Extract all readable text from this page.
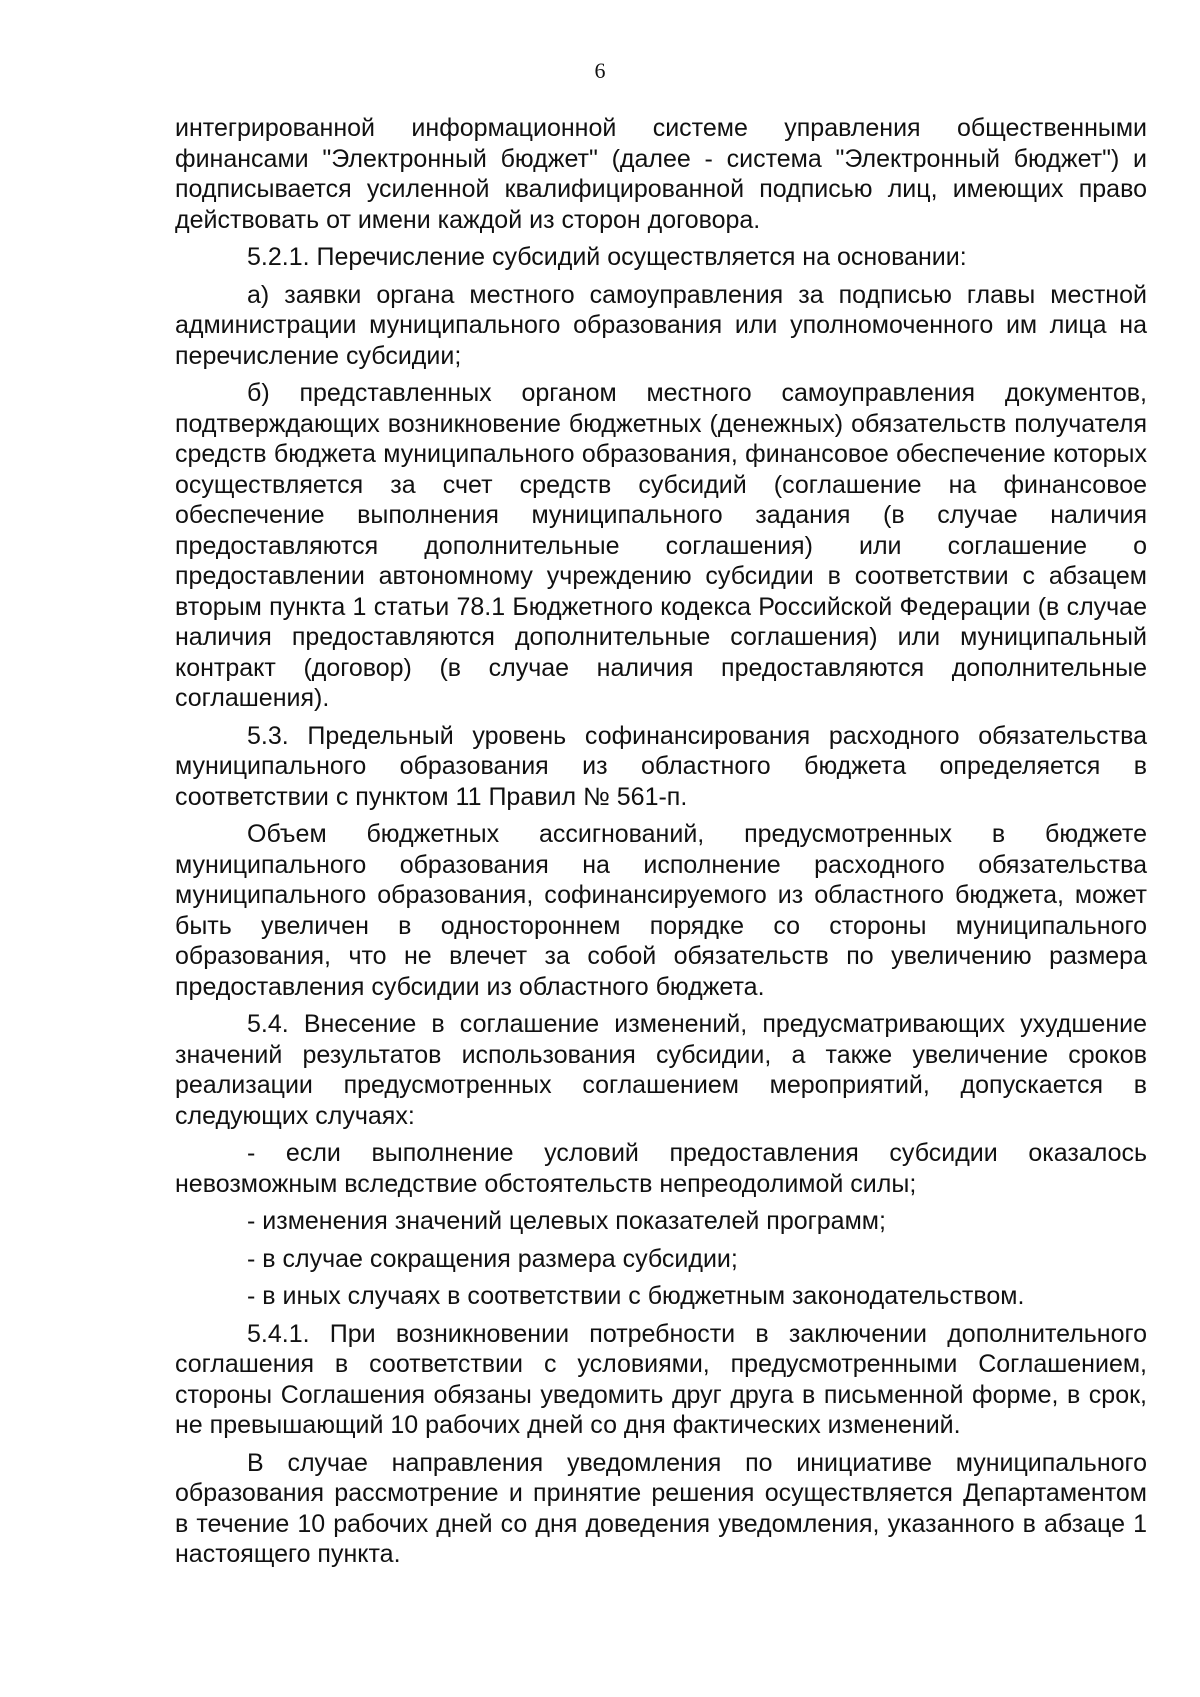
6

интегрированной информационной системе управления общественными финансами "Электронный бюджет" (далее - система "Электронный бюджет") и подписывается усиленной квалифицированной подписью лиц, имеющих право действовать от имени каждой из сторон договора.

5.2.1. Перечисление субсидий осуществляется на основании:

а) заявки органа местного самоуправления за подписью главы местной администрации муниципального образования или уполномоченного им лица на перечисление субсидии;

б) представленных органом местного самоуправления документов, подтверждающих возникновение бюджетных (денежных) обязательств получателя средств бюджета муниципального образования, финансовое обеспечение которых осуществляется за счет средств субсидий (соглашение на финансовое обеспечение выполнения муниципального задания (в случае наличия предоставляются дополнительные соглашения) или соглашение о предоставлении автономному учреждению субсидии в соответствии с абзацем вторым пункта 1 статьи 78.1 Бюджетного кодекса Российской Федерации (в случае наличия предоставляются дополнительные соглашения) или муниципальный контракт (договор) (в случае наличия предоставляются дополнительные соглашения).

5.3. Предельный уровень софинансирования расходного обязательства муниципального образования из областного бюджета определяется в соответствии с пунктом 11 Правил № 561-п.

Объем бюджетных ассигнований, предусмотренных в бюджете муниципального образования на исполнение расходного обязательства муниципального образования, софинансируемого из областного бюджета, может быть увеличен в одностороннем порядке со стороны муниципального образования, что не влечет за собой обязательств по увеличению размера предоставления субсидии из областного бюджета.

5.4. Внесение в соглашение изменений, предусматривающих ухудшение значений результатов использования субсидии, а также увеличение сроков реализации предусмотренных соглашением мероприятий, допускается в следующих случаях:

- если выполнение условий предоставления субсидии оказалось невозможным вследствие обстоятельств непреодолимой силы;

- изменения значений целевых показателей программ;

- в случае сокращения размера субсидии;

- в иных случаях в соответствии с бюджетным законодательством.

5.4.1. При возникновении потребности в заключении дополнительного соглашения в соответствии с условиями, предусмотренными Соглашением, стороны Соглашения обязаны уведомить друг друга в письменной форме, в срок, не превышающий 10 рабочих дней со дня фактических изменений.

В случае направления уведомления по инициативе муниципального образования рассмотрение и принятие решения осуществляется Департаментом в течение 10 рабочих дней со дня доведения уведомления, указанного в абзаце 1 настоящего пункта.
